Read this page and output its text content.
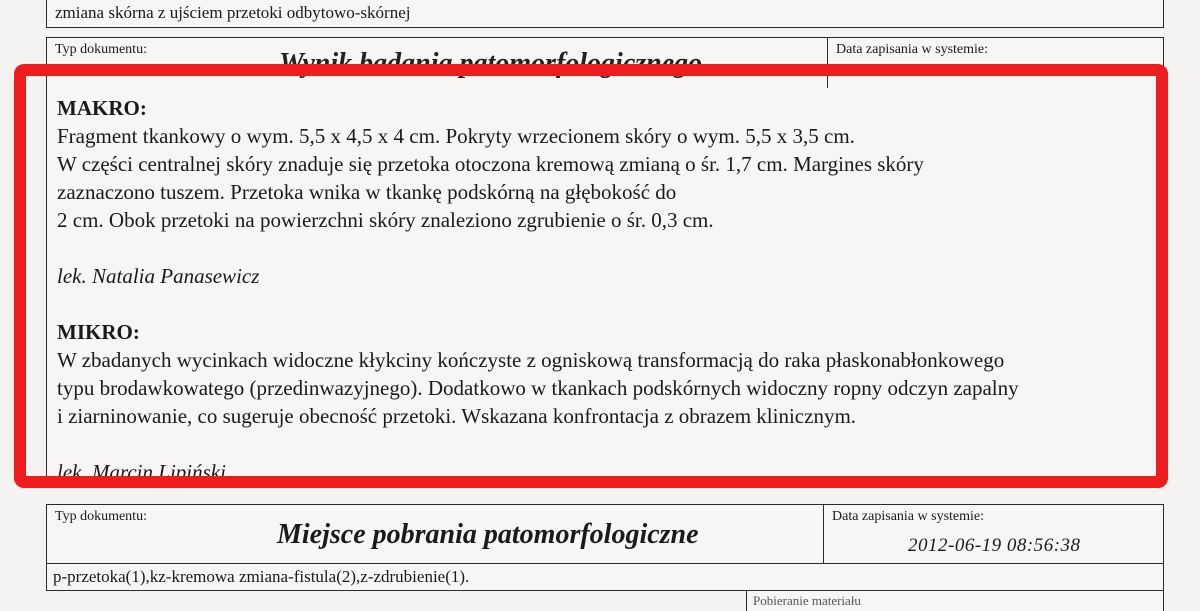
zmiana skórna z ujściem przetoki odbytowo-skórnej
Typ dokumentu:	Wynik badania patomorfologicznego	Data zapisania w systemie:
MAKRO:
Fragment tkankowy o wym. 5,5 x 4,5 x 4 cm. Pokryty wrzecionem skóry o wym. 5,5 x 3,5 cm.
W części centralnej skóry znaduje się przetoka otoczona kremową zmianą o śr. 1,7 cm. Margines skóry
zaznaczono tuszem. Przetoka wnika w tkankę podskórną na głębokość do
2 cm. Obok przetoki na powierzchni skóry znaleziono zgrubienie o śr. 0,3 cm.
lek. Natalia Panasewicz
MIKRO:
W zbadanych wycinkach widoczne kłykciny kończyste z ogniskową transformacją do raka płaskonabłonkowego
typu brodawkowatego (przedinwazyjnego). Dodatkowo w tkankach podskórnych widoczny ropny odczyn zapalny
i ziarninowanie, co sugeruje obecność przetoki. Wskazana konfrontacja z obrazem klinicznym.
lek. Marcin Lipiński
Typ dokumentu:
Miejsce pobrania patomorfologiczne
Data zapisania w systemie:
2012-06-19 08:56:38
p-przetoka(1),kz-kremowa zmiana-fistula(2),z-zdrubienie(1).
Pobieranie materiału
